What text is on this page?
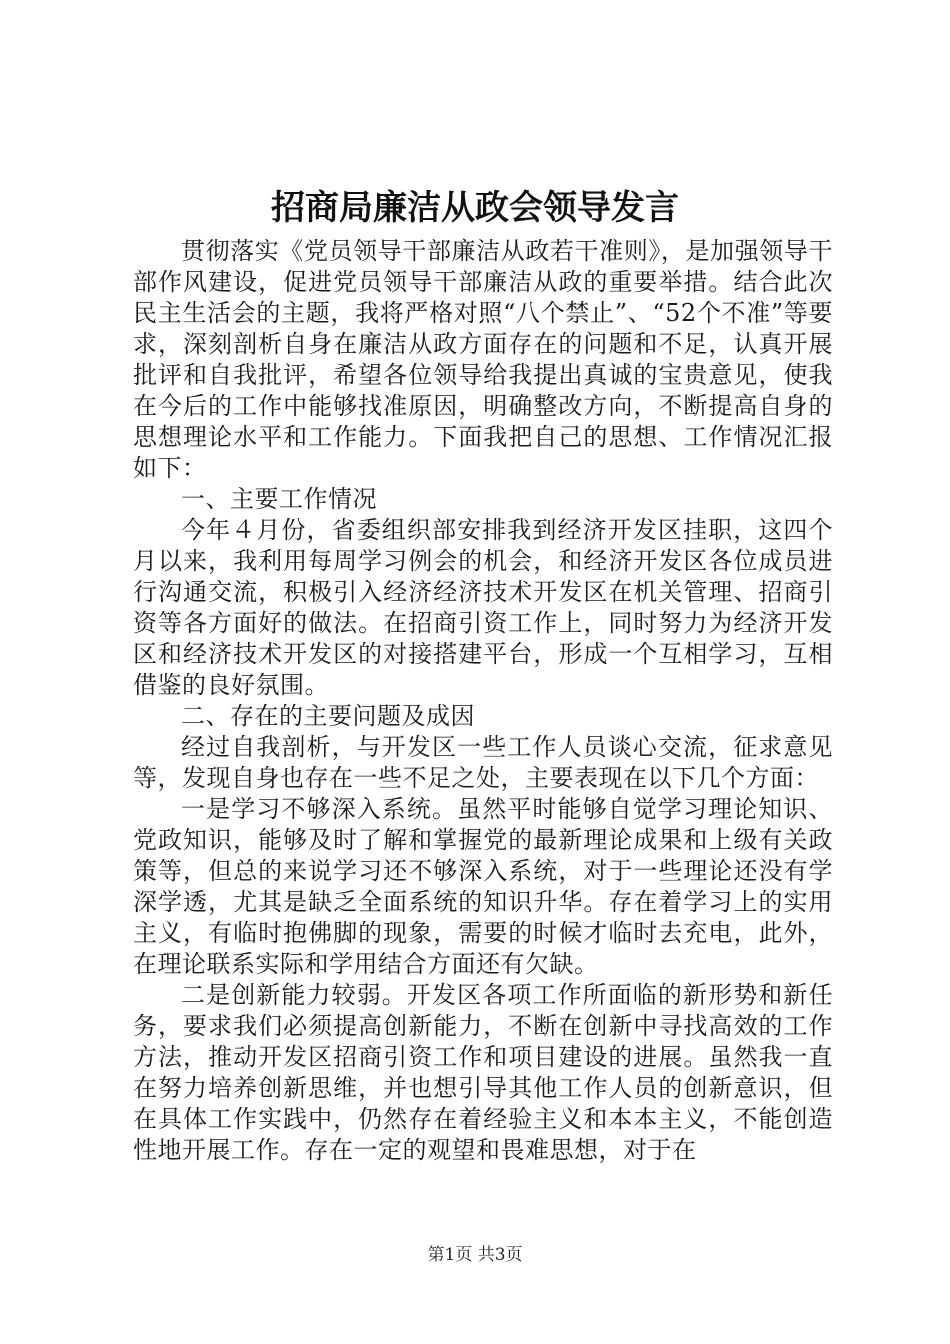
招商局廉洁从政会领导发言

贯彻落实《党员领导干部廉洁从政若干准则》，是加强领导干部作风建设，促进党员领导干部廉洁从政的重要举措。结合此次民主生活会的主题，我将严格对照“八个禁止”、“52个不准”等要求，深刻剖析自身在廉洁从政方面存在的问题和不足，认真开展批评和自我批评，希望各位领导给我提出真诚的宝贵意见，使我在今后的工作中能够找准原因，明确整改方向，不断提高自身的思想理论水平和工作能力。下面我把自己的思想、工作情况汇报如下：

一、主要工作情况

今年４月份，省委组织部安排我到经济开发区挂职，这四个月以来，我利用每周学习例会的机会，和经济开发区各位成员进行沟通交流，积极引入经济经济技术开发区在机关管理、招商引资等各方面好的做法。在招商引资工作上，同时努力为经济开发区和经济技术开发区的对接搭建平台，形成一个互相学习，互相借鉴的良好氛围。

二、存在的主要问题及成因

经过自我剖析，与开发区一些工作人员谈心交流，征求意见等，发现自身也存在一些不足之处，主要表现在以下几个方面：

一是学习不够深入系统。虽然平时能够自觉学习理论知识、党政知识，能够及时了解和掌握党的最新理论成果和上级有关政策等，但总的来说学习还不够深入系统，对于一些理论还没有学深学透，尤其是缺乏全面系统的知识升华。存在着学习上的实用主义，有临时抱佛脚的现象，需要的时候才临时去充电，此外，在理论联系实际和学用结合方面还有欠缺。

二是创新能力较弱。开发区各项工作所面临的新形势和新任务，要求我们必须提高创新能力，不断在创新中寻找高效的工作方法，推动开发区招商引资工作和项目建设的进展。虽然我一直在努力培养创新思维，并也想引导其他工作人员的创新意识，但在具体工作实践中，仍然存在着经验主义和本本主义，不能创造性地开展工作。存在一定的观望和畏难思想，对于在

第1页 共3页
